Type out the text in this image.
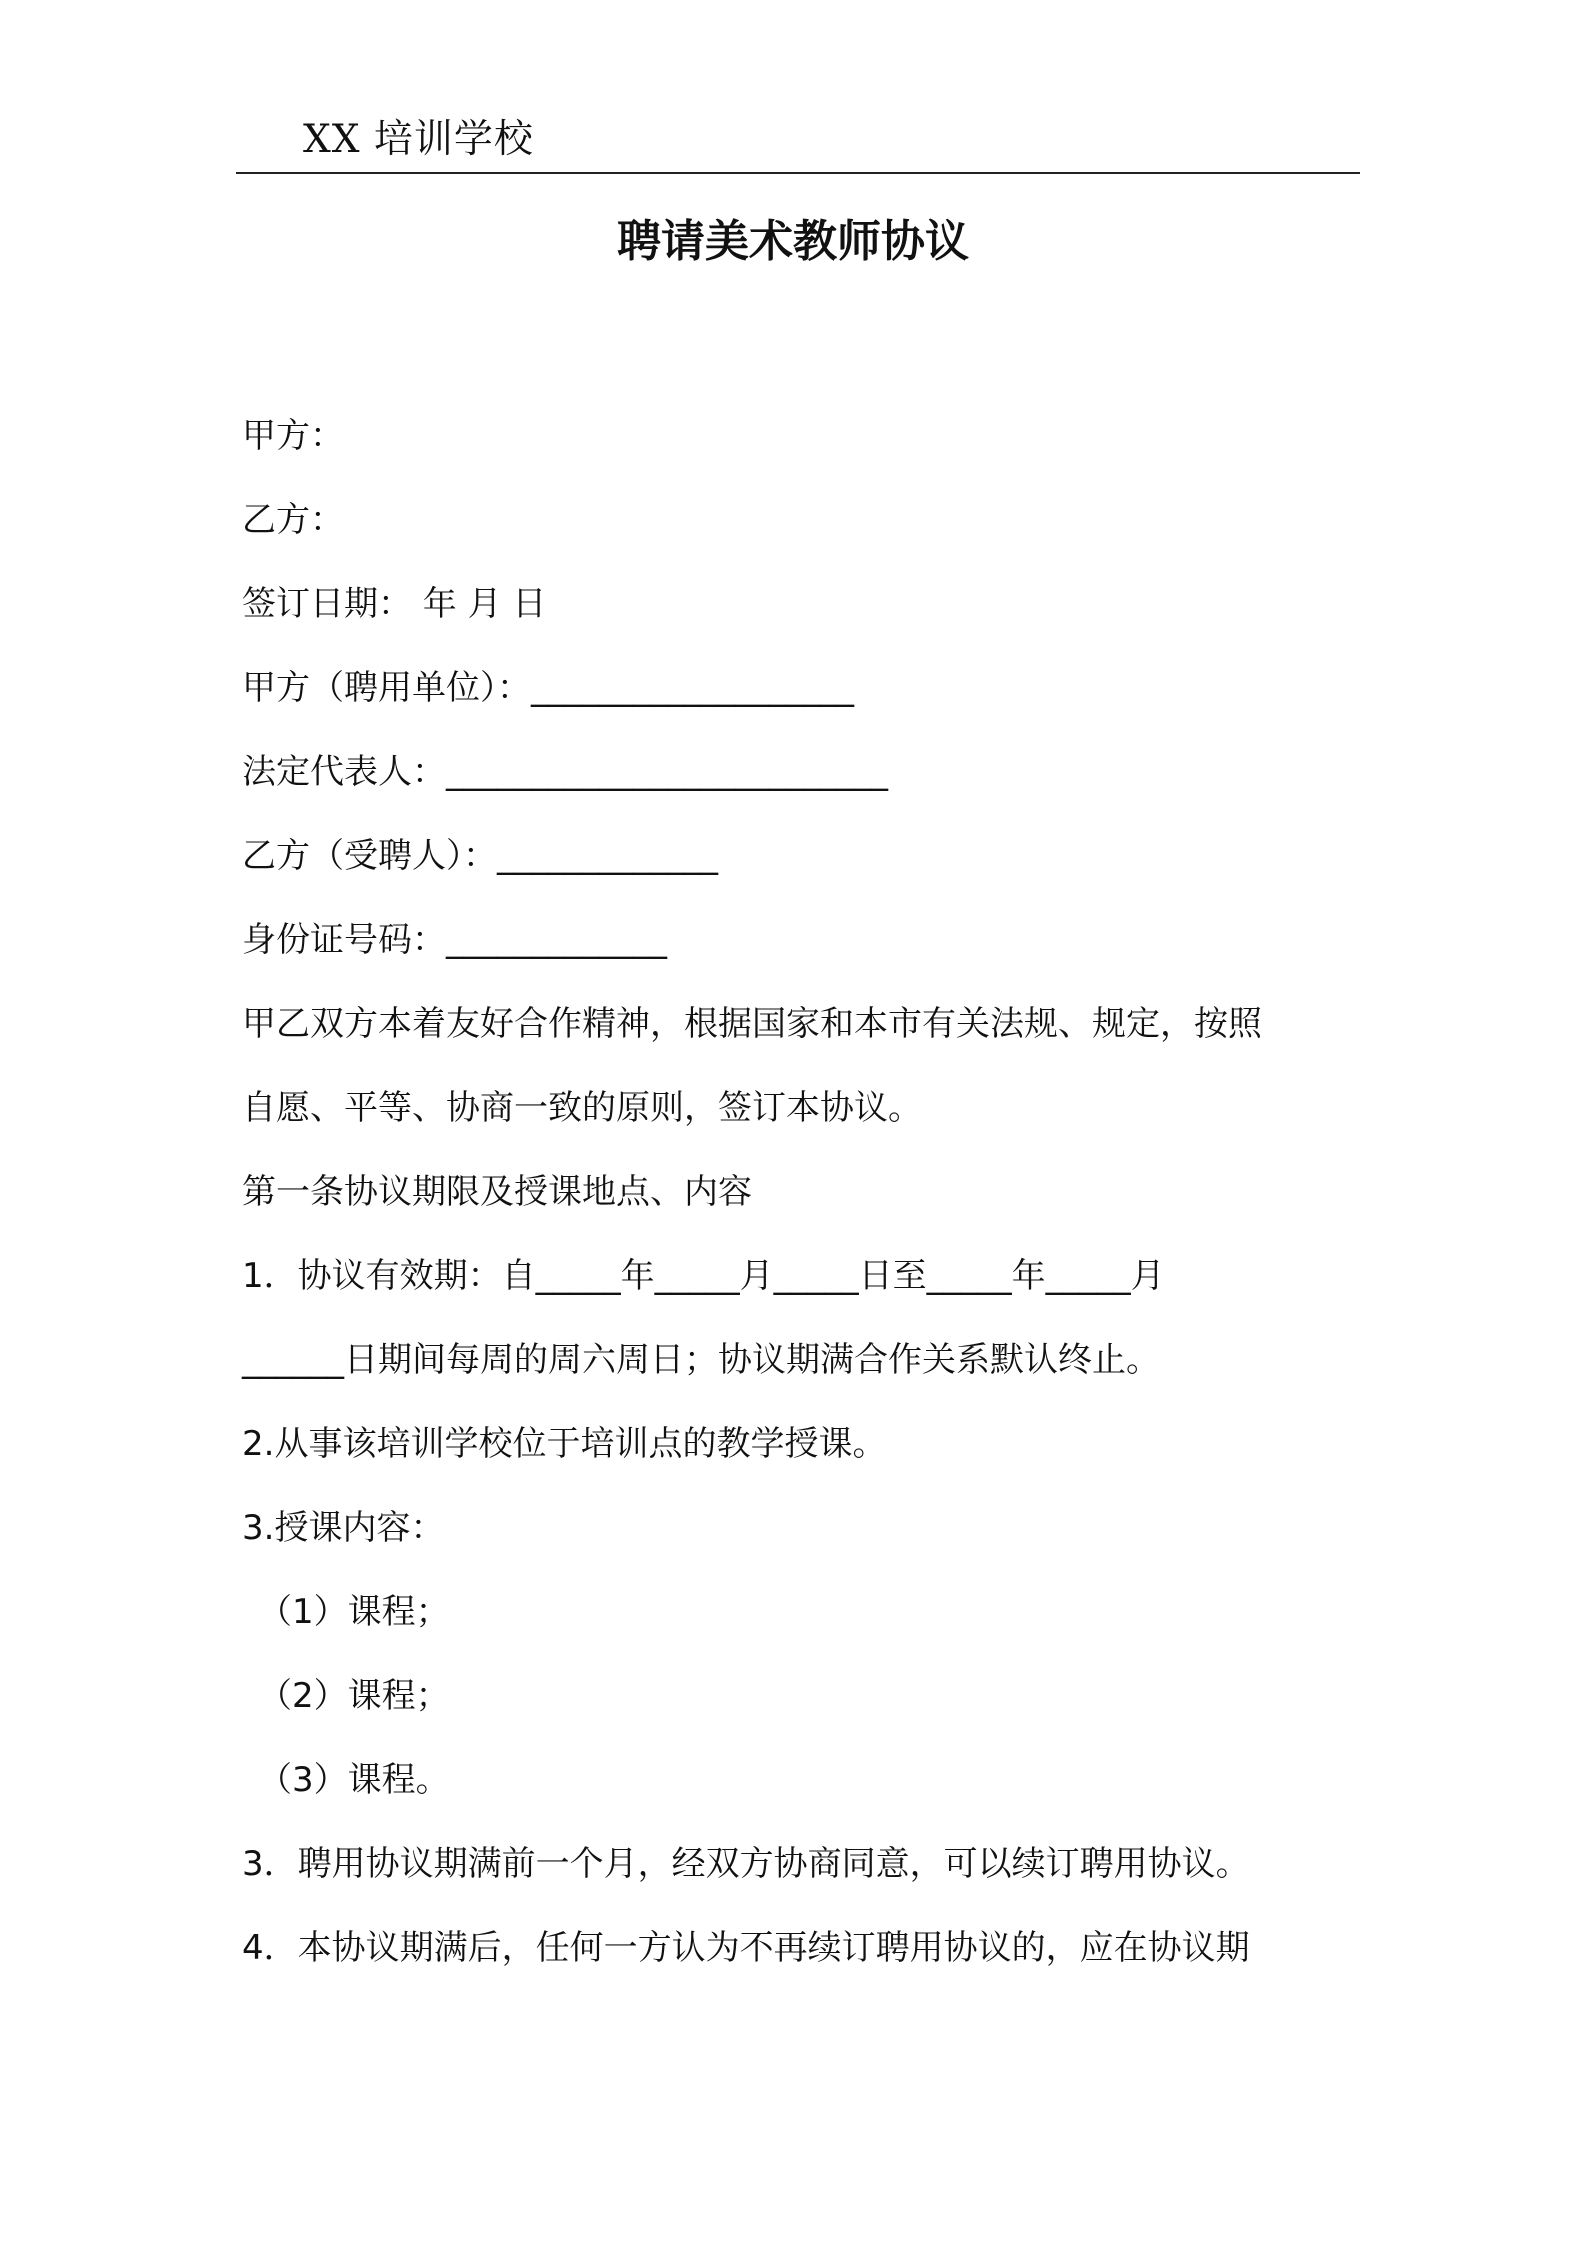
XX 培训学校
聘请美术教师协议
甲方：
乙方：
签订日期： 年 月 日
甲方（聘用单位）：___________________
法定代表人：__________________________
乙方（受聘人）：_____________
身份证号码：_____________
甲乙双方本着友好合作精神，根据国家和本市有关法规、规定，按照
自愿、平等、协商一致的原则，签订本协议。
第一条协议期限及授课地点、内容
1．协议有效期：自_____年_____月_____日至_____年_____月
______日期间每周的周六周日；协议期满合作关系默认终止。
2.从事该培训学校位于培训点的教学授课。
3.授课内容：
（1）课程；
（2）课程；
（3）课程。
3．聘用协议期满前一个月，经双方协商同意，可以续订聘用协议。
4．本协议期满后，任何一方认为不再续订聘用协议的，应在协议期
